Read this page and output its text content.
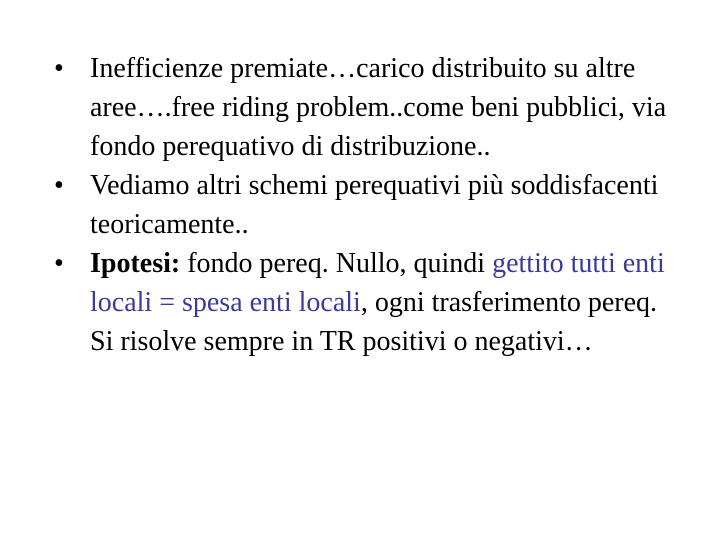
• Inefficienze premiate…carico distribuito su altre aree….free riding problem..come beni pubblici, via fondo perequativo di distribuzione..
• Vediamo altri schemi perequativi più soddisfacenti teoricamente..
• Ipotesi: fondo pereq. Nullo, quindi gettito tutti enti locali = spesa enti locali, ogni trasferimento pereq. Si risolve sempre in TR positivi o negativi…
